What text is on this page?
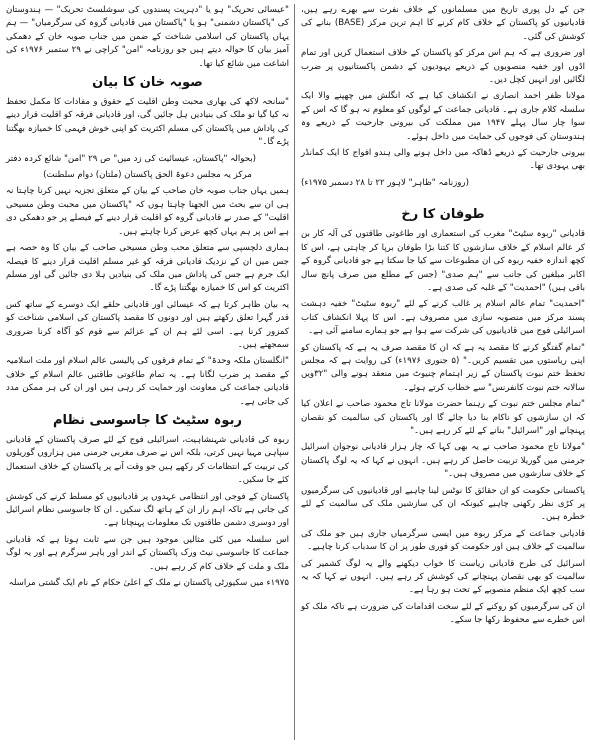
جن کے دل پوری تاریخ میں مسلمانوں کے خلاف نفرت سے بھرے رہے ہیں، قادیانیوں کو پاکستان کے خلاف کام کرنے کا اہم ترین مرکز (BASE) بنانے کی کوشش کی گئی۔

اور ضروری ہے کہ ہم اس مرکز کو پاکستان کے خلاف استعمال کریں اور تمام اڈوں اور خفیہ منصوبوں کے ذریعے یہودیوں کے دشمن پاکستانیوں پر ضرب لگائیں اور انہیں کچل دیں۔

مولانا ظفر احمد انصاری نے انکشاف کیا ہے کہ انگلش میں چھپنے والا ایک سلسلہ کلام جاری ہے۔ قادیانی جماعت کے لوگوں کو معلوم نہ ہو گا کہ اس کے سوا چار سال پہلے ۱۹۴۷ میں مملکت کی بیرونی جارحیت کے ذریعے وہ ہندوستان کی فوجوں کی حمایت میں داخل ہوئے۔

بیرونی جارحیت کے ذریعے ڈھاکہ میں داخل ہونے والی ہندو افواج کا ایک کمانڈر بھی یہودی تھا۔

(روزنامہ "ظاہر" لاہور ۲۲ تا ۲۸ دسمبر ۱۹۷۵ء)

طوفان کا رخ

قادیانی "ربوہ سٹیٹ" مغرب کی استعماری اور طاغوتی طاقتوں کی آلہ کار بن کر عالم اسلام کے خلاف سازشوں کا کتنا بڑا طوفان برپا کر چاہتی ہے، اس کا کچھ اندازہ خفیہ ربوہ کی ان مطبوعات سے کیا جا سکتا ہے جو قادیانی گروہ کے اکابر مبلغین کی جانب سے "ہم صدی" (جس کے مطلع میں صرف پانچ سال باقی ہیں) "احمدیت" کے غلبہ کی صدی ہے۔

"احمدیت" تمام عالم اسلام پر غالب کرنے کے لئے "ربوہ سٹیٹ" خفیہ دہشت پسند مرکز میں منصوبہ سازی میں مصروف ہے۔ اس کا پہلا انکشاف کتاب اسرائیلی فوج میں قادیانیوں کی شرکت سے ہوا ہے جو ہمارے سامنے آئی ہے۔

"تمام گفتگو کرنے کا مقصد یہ ہے کہ ان کا مقصد صرف یہ ہے کہ پاکستان کو اپنی ریاستوں میں تقسیم کریں۔" (۵ جنوری ۱۹۷۶ء) کی روایت ہے کہ مجلس تحفظ ختم نبوت پاکستان کے زیر اہتمام چنیوٹ میں منعقد ہونے والی "۳۲ویں سالانہ ختم نبوت کانفرنس" سے خطاب کرتے ہوئے۔

"تمام مجلس ختم نبوت کے رہنما حضرت مولانا تاج محمود صاحب نے اعلان کیا کہ ان سازشوں کو ناکام بنا دیا جائے گا اور پاکستان کی سالمیت کو نقصان پہنچانے اور "اسرائیل" بنانے کے لئے کر رہے ہیں۔"

"مولانا تاج محمود صاحب نے یہ بھی کہا کہ چار ہزار قادیانی نوجوان اسرائیل جرمنی میں گوریلا تربیت حاصل کر رہے ہیں۔ انہوں نے کہا کہ یہ لوگ پاکستان کے خلاف سازشوں میں مصروف ہیں۔"

پاکستانی حکومت کو ان حقائق کا نوٹس لینا چاہیے اور قادیانیوں کی سرگرمیوں پر کڑی نظر رکھنی چاہیے کیونکہ ان کی سازشیں ملک کی سالمیت کے لئے خطرہ ہیں۔

قادیانی جماعت کے مرکز ربوہ میں ایسی سرگرمیاں جاری ہیں جو ملک کی سالمیت کے خلاف ہیں اور حکومت کو فوری طور پر ان کا سدباب کرنا چاہیے۔

اسرائیل کی طرح قادیانی ریاست کا خواب دیکھنے والے یہ لوگ کشمیر کی سالمیت کو بھی نقصان پہنچانے کی کوشش کر رہے ہیں۔ انہوں نے کہا کہ یہ سب کچھ ایک منظم منصوبے کے تحت ہو رہا ہے۔

ان کی سرگرمیوں کو روکنے کے لئے سخت اقدامات کی ضرورت ہے تاکہ ملک کو اس خطرے سے محفوظ رکھا جا سکے۔

"عیسائی تحریک" ہو یا "دہریت پسندوں کی سوشلسٹ تحریک" — ہندوستان کی "پاکستان دشمنی" ہو یا "پاکستان میں قادیانی گروہ کی سرگرمیاں" — ہم یہاں پاکستان کی اسلامی شناخت کے ضمن میں جناب صوبہ خان کے دھمکی آمیز بیان کا حوالہ دیتے ہیں جو روزنامہ "امن" کراچی نے ۲۹ ستمبر ۱۹۷۶ء کی اشاعت میں شائع کیا تھا۔

صوبہ خان کا بیان

"سانحہ لاکھ کی بھاری محبت وطن اقلیت کے حقوق و مفادات کا مکمل تحفظ نہ کیا گیا تو ملک کی بنیادیں ہل جائیں گی، اور قادیانی فرقہ کو اقلیت قرار دینے کی پاداش میں پاکستان کی مسلم اکثریت کو اپنی خوش فہمی کا خمیازہ بھگتنا پڑے گا۔"

(بحوالہ "پاکستان، عیسائیت کی زد میں" ص ۲۹ "امن" شائع کردہ دفتر

مرکز یہ مجلس دعوۃ الحق پاکستان (ملتان) دوام سلطنت)

ہمیں یہاں جناب صوبہ خان صاحب کے بیان کے متعلق تجزیہ نہیں کرنا چاہتا نہ ہی ان سے بحث میں الجھنا چاہتا ہوں کہ "پاکستان میں محبت وطن مسیحی اقلیت" کے صدر نے قادیانی گروہ کو اقلیت قرار دینے کے فیصلے پر جو دھمکی دی ہے اس پر ہم یہاں کچھ عرض کرنا چاہتے ہیں۔

ہماری دلچسپی سے متعلق محب وطن مسیحی صاحب کے بیان کا وہ حصہ ہے جس میں ان کے نزدیک قادیانی فرقہ کو غیر مسلم اقلیت قرار دینے کا فیصلہ ایک جرم ہے جس کی پاداش میں ملک کی بنیادیں ہلا دی جائیں گی اور مسلم اکثریت کو اس کا خمیازہ بھگتنا پڑے گا۔

یہ بیان ظاہر کرتا ہے کہ عیسائی اور قادیانی حلقے ایک دوسرے کے ساتھ کس قدر گہرا تعلق رکھتے ہیں اور دونوں کا مقصد پاکستان کی اسلامی شناخت کو کمزور کرنا ہے۔ اسی لئے ہم ان کے عزائم سے قوم کو آگاہ کرنا ضروری سمجھتے ہیں۔

"انگلستان ملکہ وحدۃ" کے تمام فرقوں کی پالیسی عالم اسلام اور ملت اسلامیہ کے مقصد پر ضرب لگانا ہے۔ یہ تمام طاغوتی طاقتیں عالم اسلام کے خلاف قادیانی جماعت کی معاونت اور حمایت کر رہی ہیں اور ان کی ہر ممکن مدد کی جاتی ہے۔

ربوہ سٹیٹ کا جاسوسی نظام

ربوہ کی قادیانی شہنشاہیت، اسرائیلی فوج کے لئے صرف پاکستان کے قادیانی سپاہی مہیا نہیں کرتی، بلکہ اس نے صرف مغربی جرمنی میں ہزاروں گوریلوں کی تربیت کے انتظامات کر رکھے ہیں جو وقت آنے پر پاکستان کے خلاف استعمال کئے جا سکیں۔

پاکستان کے فوجی اور انتظامی عہدوں پر قادیانیوں کو مسلط کرنے کی کوشش کی جاتی ہے تاکہ اہم راز ان کے ہاتھ لگ سکیں۔ ان کا جاسوسی نظام اسرائیل اور دوسری دشمن طاقتوں تک معلومات پہنچاتا ہے۔

اس سلسلہ میں کئی مثالیں موجود ہیں جن سے ثابت ہوتا ہے کہ قادیانی جماعت کا جاسوسی نیٹ ورک پاکستان کے اندر اور باہر سرگرم ہے اور یہ لوگ ملک و ملت کے خلاف کام کر رہے ہیں۔

۱۹۷۵ء میں سکیورٹی پاکستان نے ملک کے اعلیٰ حکام کے نام ایک گشتی مراسلہ
